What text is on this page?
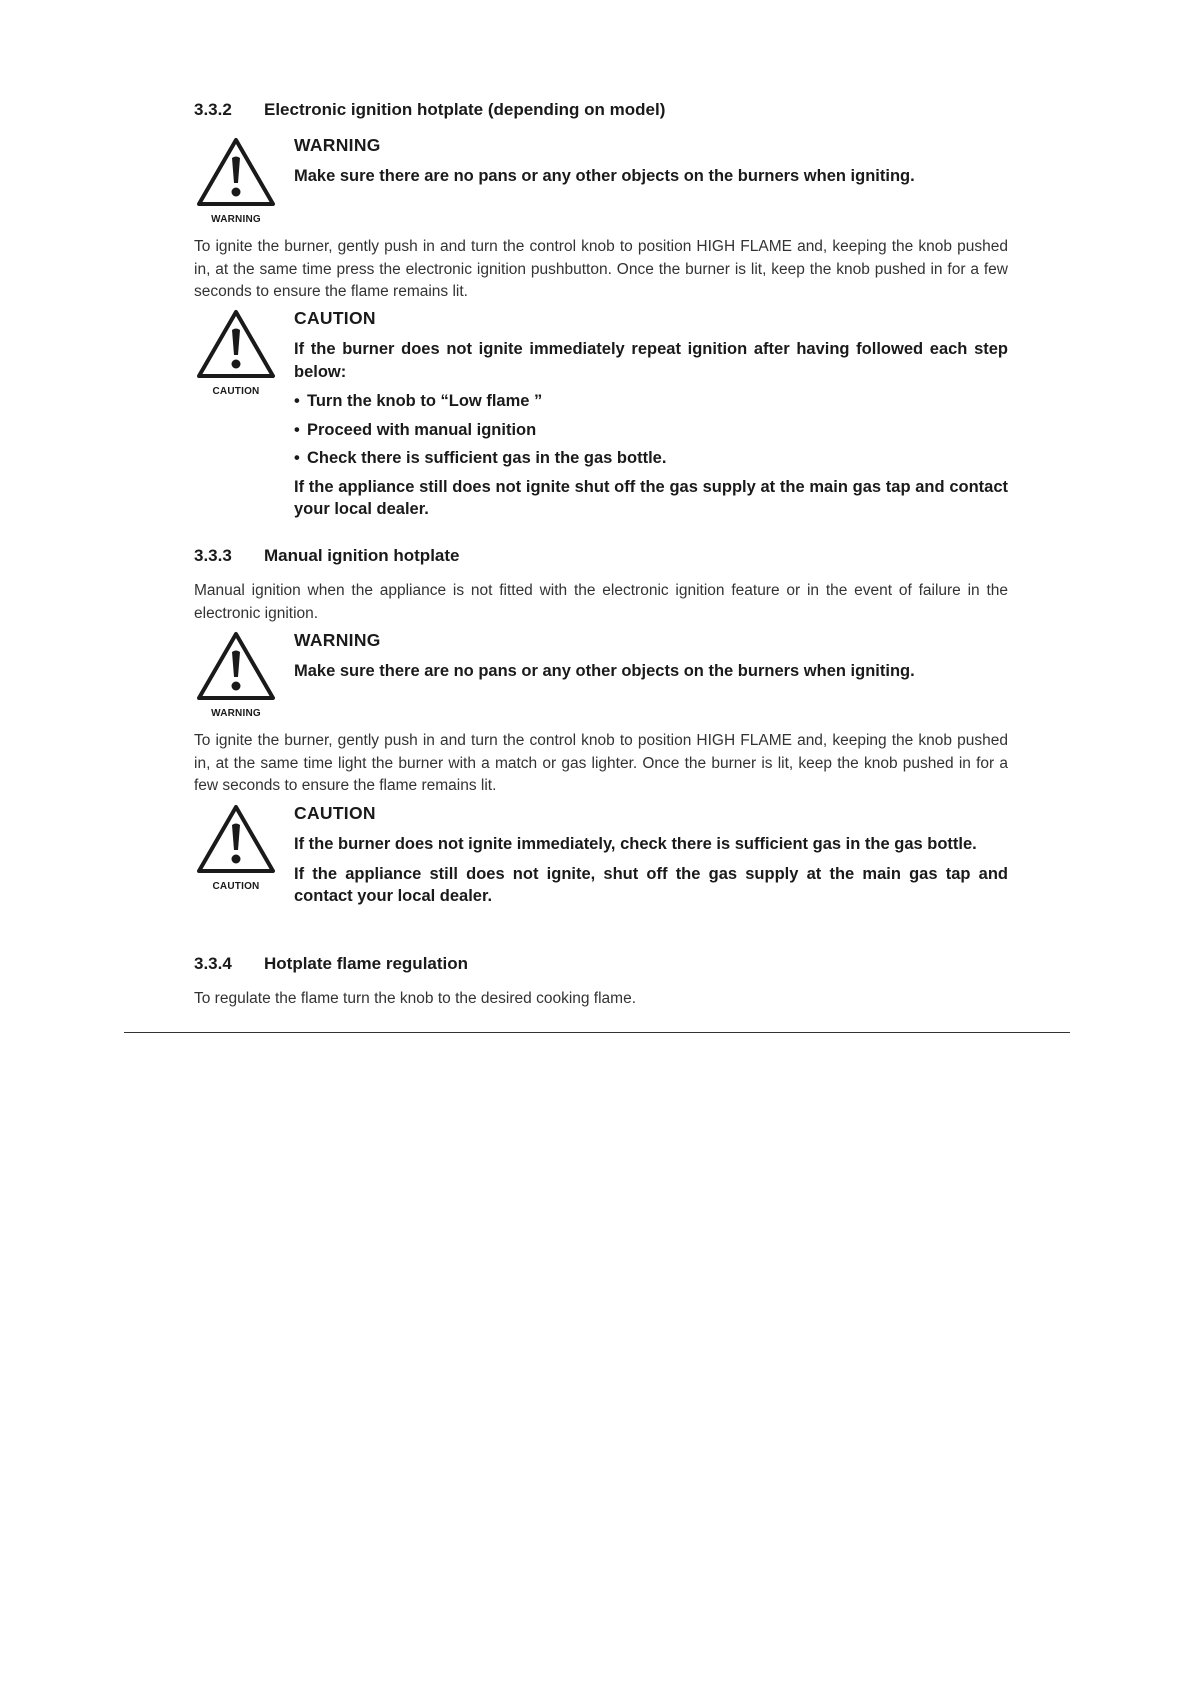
3.3.2 Electronic ignition hotplate (depending on model)
WARNING
WARNING

Make sure there are no pans or any other objects on the burners when igniting.

To ignite the burner, gently push in and turn the control knob to position HIGH FLAME and, keeping the knob pushed in, at the same time press the electronic ignition pushbutton. Once the burner is lit, keep the knob pushed in for a few seconds to ensure the flame remains lit.
CAUTION
CAUTION

If the burner does not ignite immediately repeat ignition after having followed each step below:

• Turn the knob to “Low flame ”
• Proceed with manual ignition
• Check there is sufficient gas in the gas bottle.

If the appliance still does not ignite shut off the gas supply at the main gas tap and contact your local dealer.

3.3.3 Manual ignition hotplate
Manual ignition when the appliance is not fitted with the electronic ignition feature or in the event of failure in the electronic ignition.
WARNING
WARNING

Make sure there are no pans or any other objects on the burners when igniting.

To ignite the burner, gently push in and turn the control knob to position HIGH FLAME and, keeping the knob pushed in, at the same time light the burner with a match or gas lighter. Once the burner is lit, keep the knob pushed in for a few seconds to ensure the flame remains lit.
CAUTION
CAUTION

If the burner does not ignite immediately, check there is sufficient gas in the gas bottle.

If the appliance still does not ignite, shut off the gas supply at the main gas tap and contact your local dealer.

3.3.4 Hotplate flame regulation
To regulate the flame turn the knob to the desired cooking flame.
